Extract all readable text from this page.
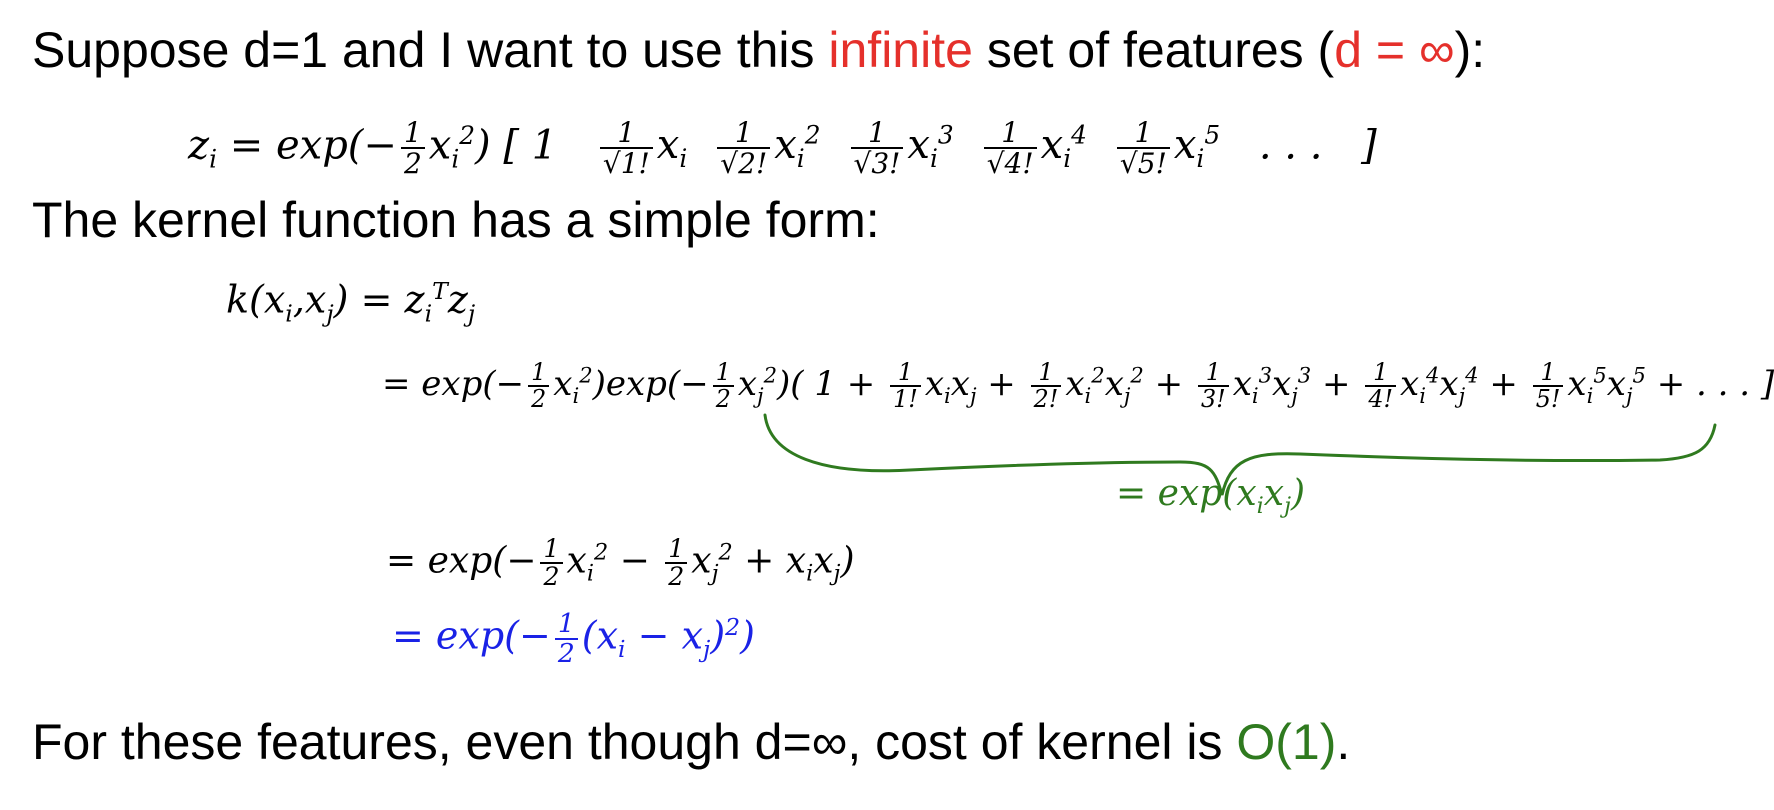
Suppose d=1 and I want to use this infinite set of features (d = ∞):
$z_i = \exp(- \frac{1}{2} x_i^2)$ [ $1 \frac{1}{√1!} x_i \frac{1}{√2!} x_i^2 \frac{1}{√3!} x_i^3 \frac{1}{√4!} x_i^4 \frac{1}{√5!} x_i^5$ . . . ]
The kernel function has a simple form:
$k(x_i,x_j) = z_i^Tz_j$
= $\exp(- \frac{1}{2} x_i^2)\exp(- \frac{1}{2} x_j^2)$( $1 + \frac{1}{1!} x_ix_j + \frac{1}{2!} x_i^2x_j^2 + \frac{1}{3!} x_i^3x_j^3 + \frac{1}{4!} x_i^4x_j^4 + \frac{1}{5!} x_i^5x_j^5$ + . . . ]
= $\exp(x_ix_j)$
= $\exp(- \frac{1}{2} x_i^2 - \frac{1}{2} x_j^2 + x_ix_j)$
= $\exp(- \frac{1}{2} (x_i - x_j)^2)$
For these features, even though d=∞, cost of kernel is O(1).
